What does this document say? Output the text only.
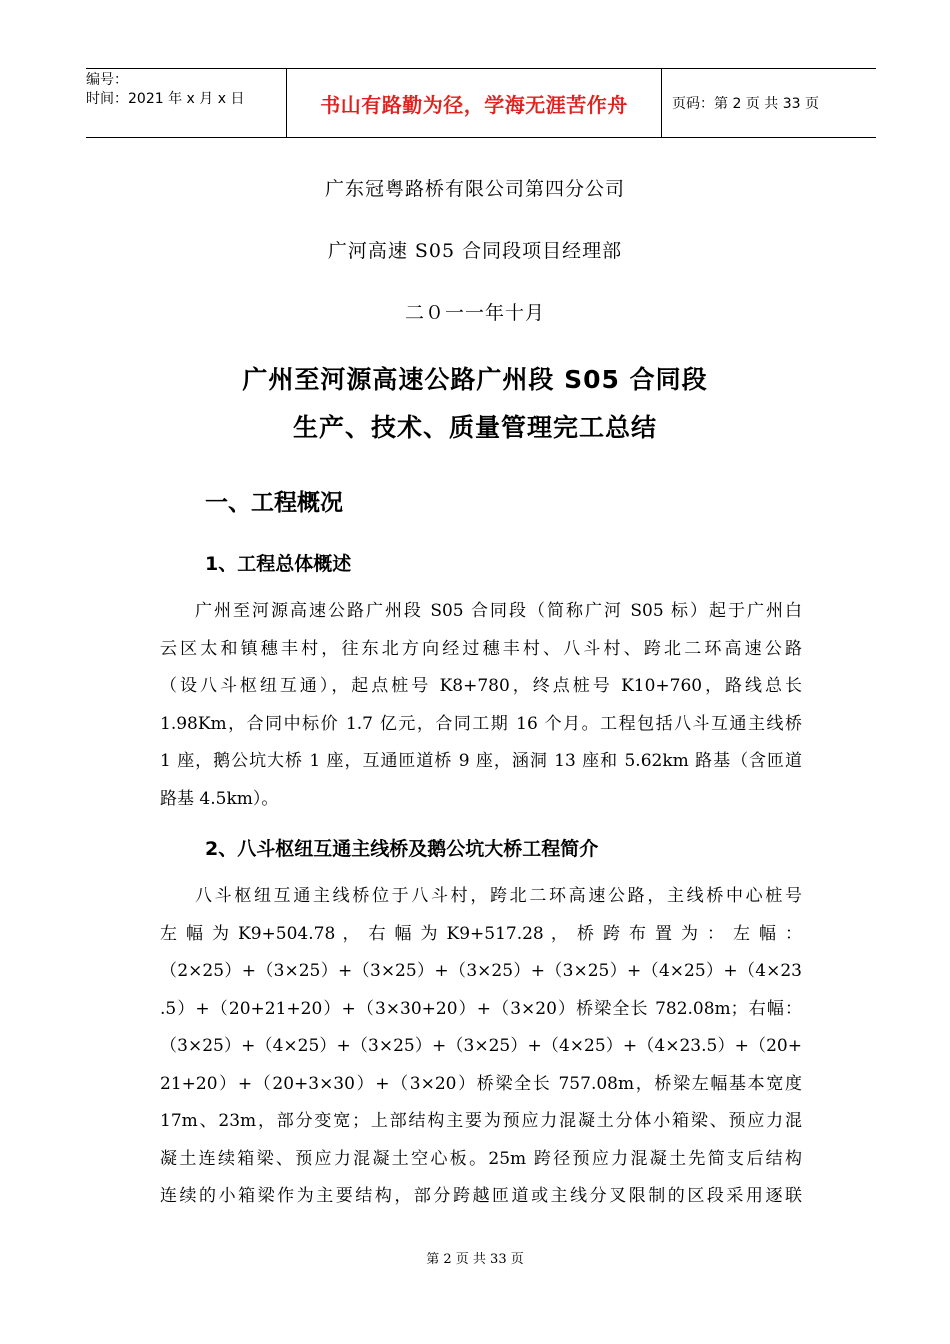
编号：
时间：2021 年 x 月 x 日	书山有路勤为径，学海无涯苦作舟	页码：第 2 页 共 33 页
广东冠粤路桥有限公司第四分公司
广河高速 S05 合同段项目经理部
二０一一年十月
广州至河源高速公路广州段 S05 合同段
生产、技术、质量管理完工总结
一、工程概况
1、工程总体概述
广州至河源高速公路广州段 S05 合同段（简称广河 S05 标）起于广州白
云区太和镇穗丰村，往东北方向经过穗丰村、八斗村、跨北二环高速公路
（设八斗枢纽互通），起点桩号 K8+780，终点桩号 K10+760，路线总长
1.98Km，合同中标价 1.7 亿元，合同工期 16 个月。工程包括八斗互通主线桥
1 座，鹅公坑大桥 1 座，互通匝道桥 9 座，涵洞 13 座和 5.62km 路基（含匝道
路基 4.5km）。
2、八斗枢纽互通主线桥及鹅公坑大桥工程简介
八斗枢纽互通主线桥位于八斗村，跨北二环高速公路，主线桥中心桩号
左 幅 为 K9+504.78 ， 右 幅 为 K9+517.28 ， 桥 跨 布 置 为 ： 左 幅 ：
（2×25）+（3×25）+（3×25）+（3×25）+（3×25）+（4×25）+（4×23
.5）+（20+21+20）+（3×30+20）+（3×20）桥梁全长 782.08m；右幅：
（3×25）+（4×25）+（3×25）+（3×25）+（4×25）+（4×23.5）+（20+
21+20）+（20+3×30）+（3×20）桥梁全长 757.08m，桥梁左幅基本宽度
17m、23m，部分变宽；上部结构主要为预应力混凝土分体小箱梁、预应力混
凝土连续箱梁、预应力混凝土空心板。25m 跨径预应力混凝土先简支后结构
连续的小箱梁作为主要结构，部分跨越匝道或主线分叉限制的区段采用逐联
第 2 页 共 33 页
